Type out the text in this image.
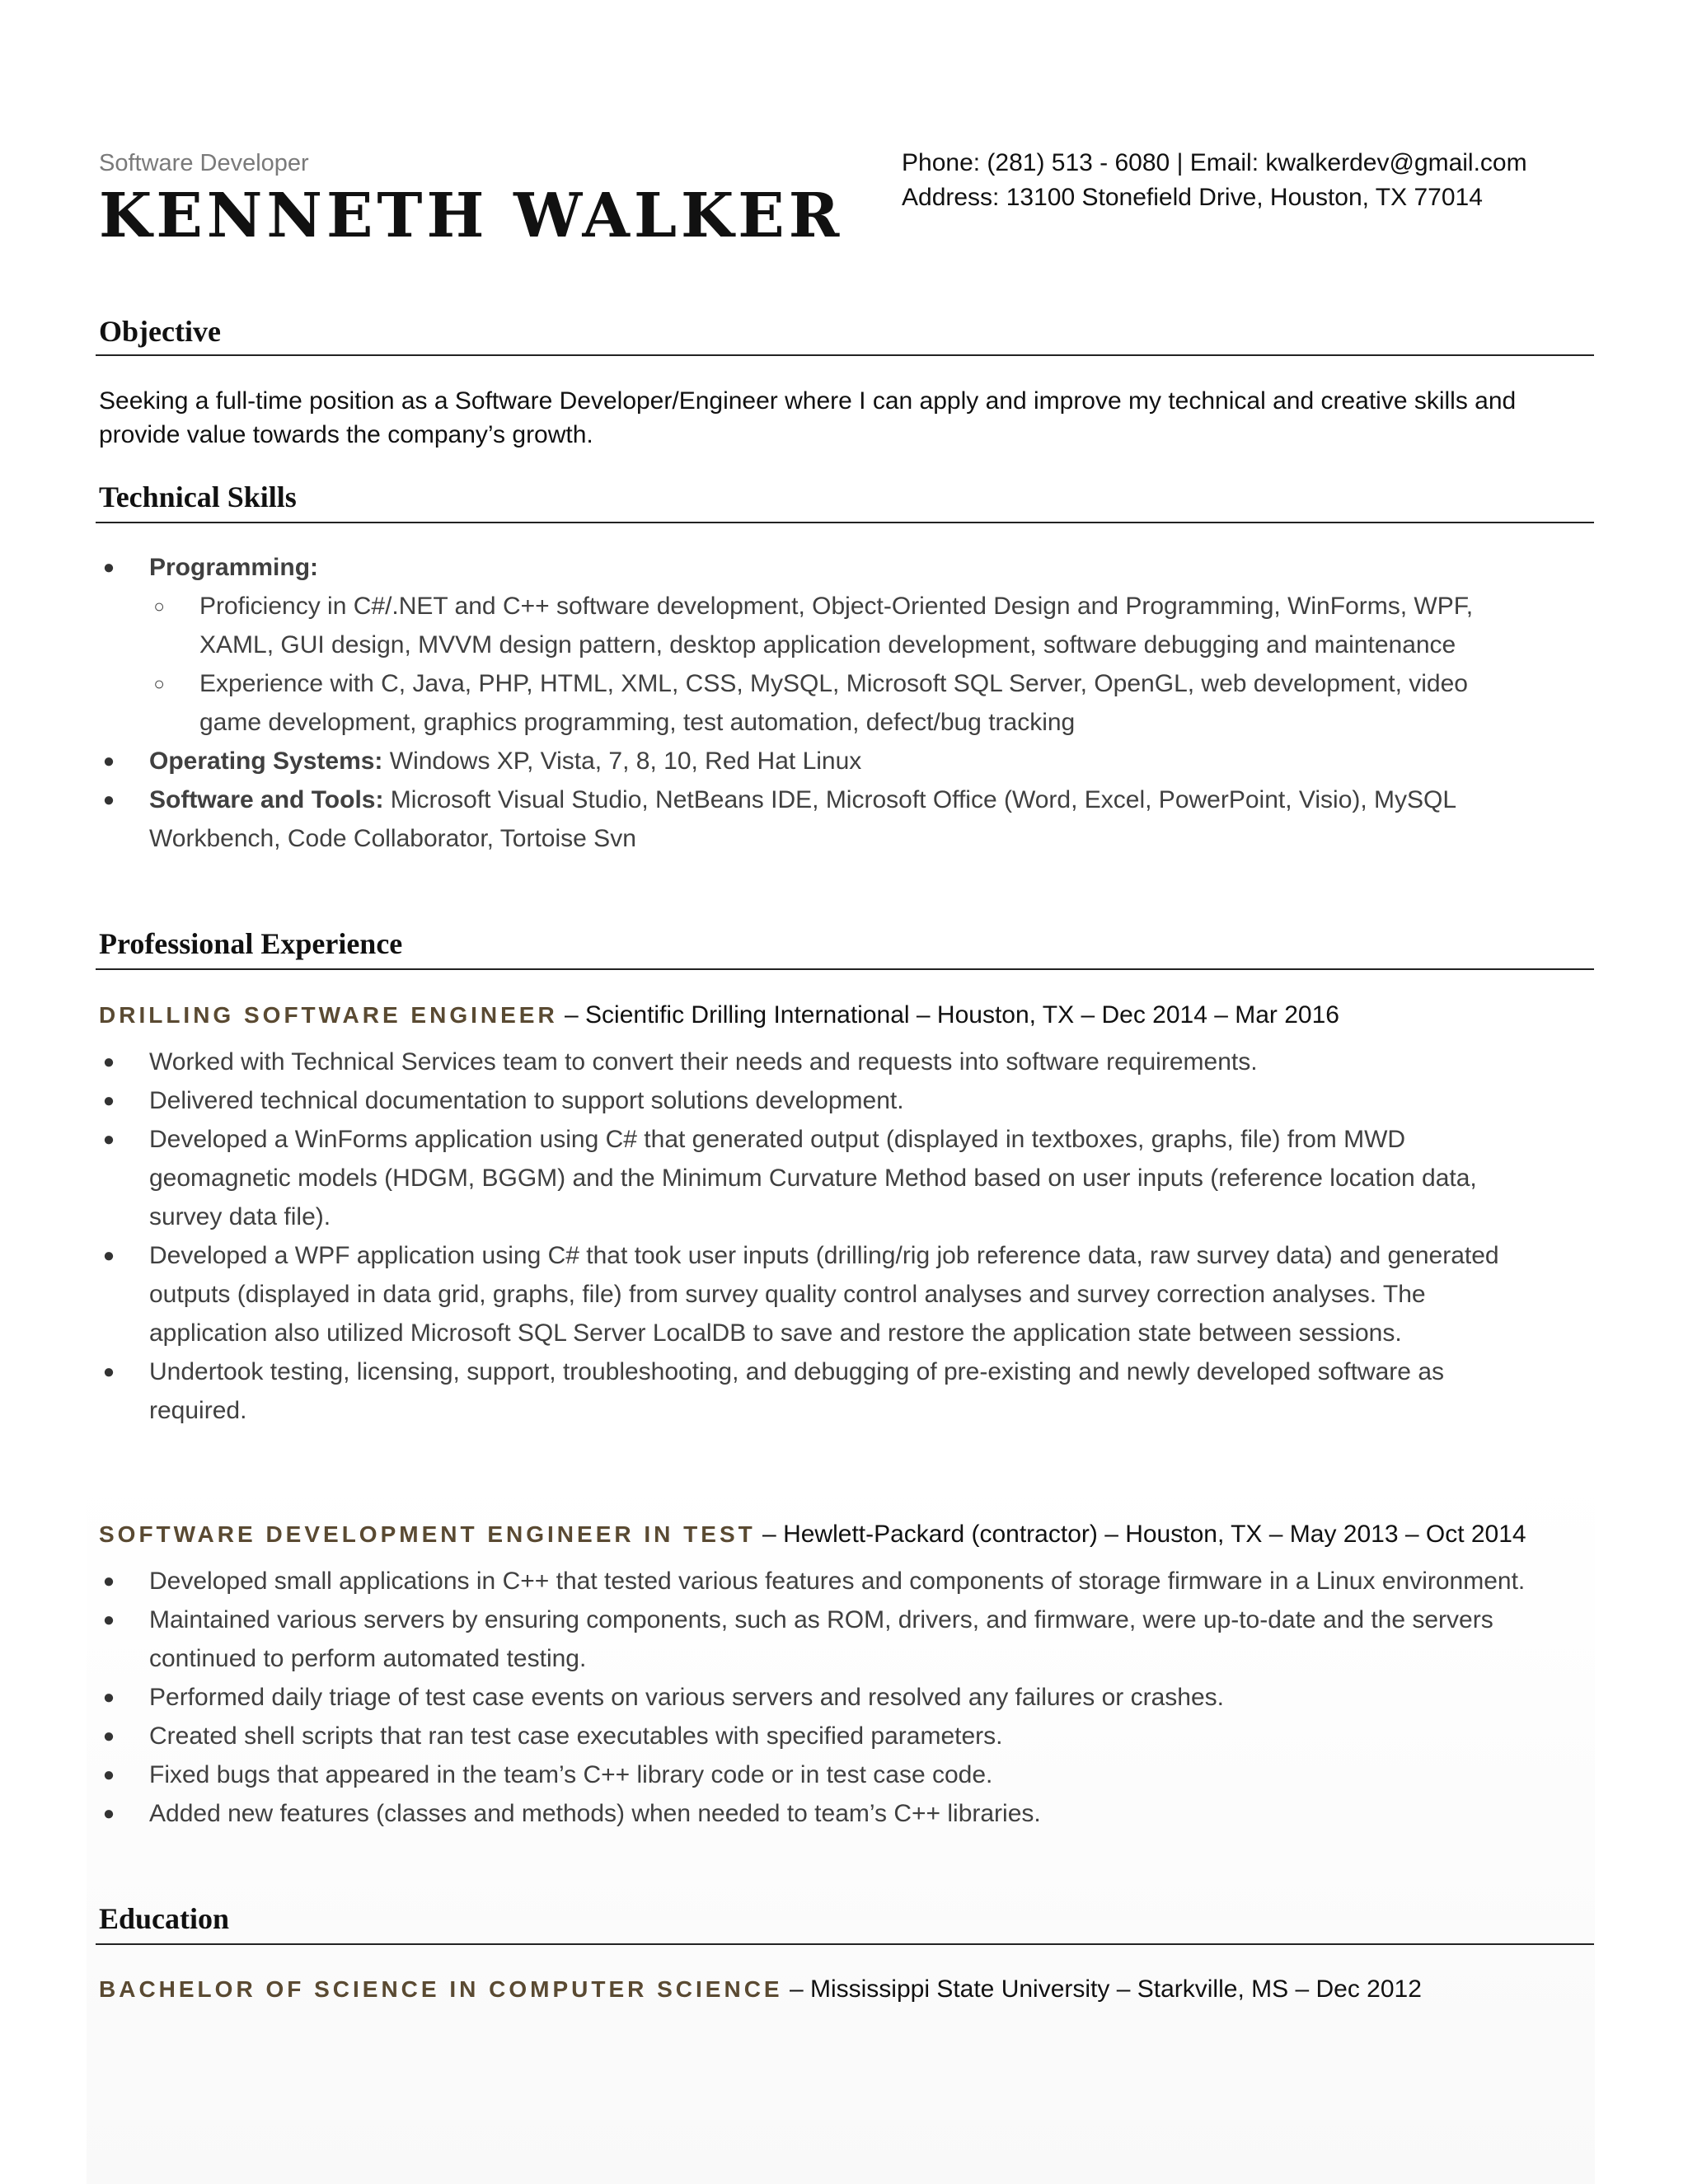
Software Developer
KENNETH WALKER
Phone: (281) 513 - 6080 | Email: kwalkerdev@gmail.com
Address: 13100 Stonefield Drive, Houston, TX 77014
Objective
Seeking a full-time position as a Software Developer/Engineer where I can apply and improve my technical and creative skills and provide value towards the company’s growth.
Technical Skills
● Programming:
○ Proficiency in C#/.NET and C++ software development, Object-Oriented Design and Programming, WinForms, WPF, XAML, GUI design, MVVM design pattern, desktop application development, software debugging and maintenance
○ Experience with C, Java, PHP, HTML, XML, CSS, MySQL, Microsoft SQL Server, OpenGL, web development, video game development, graphics programming, test automation, defect/bug tracking
● Operating Systems: Windows XP, Vista, 7, 8, 10, Red Hat Linux
● Software and Tools: Microsoft Visual Studio, NetBeans IDE, Microsoft Office (Word, Excel, PowerPoint, Visio), MySQL Workbench, Code Collaborator, Tortoise Svn
Professional Experience
DRILLING SOFTWARE ENGINEER – Scientific Drilling International – Houston, TX – Dec 2014 – Mar 2016
● Worked with Technical Services team to convert their needs and requests into software requirements.
● Delivered technical documentation to support solutions development.
● Developed a WinForms application using C# that generated output (displayed in textboxes, graphs, file) from MWD geomagnetic models (HDGM, BGGM) and the Minimum Curvature Method based on user inputs (reference location data, survey data file).
● Developed a WPF application using C# that took user inputs (drilling/rig job reference data, raw survey data) and generated outputs (displayed in data grid, graphs, file) from survey quality control analyses and survey correction analyses. The application also utilized Microsoft SQL Server LocalDB to save and restore the application state between sessions.
● Undertook testing, licensing, support, troubleshooting, and debugging of pre-existing and newly developed software as required.
SOFTWARE DEVELOPMENT ENGINEER IN TEST – Hewlett-Packard (contractor) – Houston, TX – May 2013 – Oct 2014
● Developed small applications in C++ that tested various features and components of storage firmware in a Linux environment.
● Maintained various servers by ensuring components, such as ROM, drivers, and firmware, were up-to-date and the servers continued to perform automated testing.
● Performed daily triage of test case events on various servers and resolved any failures or crashes.
● Created shell scripts that ran test case executables with specified parameters.
● Fixed bugs that appeared in the team’s C++ library code or in test case code.
● Added new features (classes and methods) when needed to team’s C++ libraries.
Education
BACHELOR OF SCIENCE IN COMPUTER SCIENCE – Mississippi State University – Starkville, MS – Dec 2012
